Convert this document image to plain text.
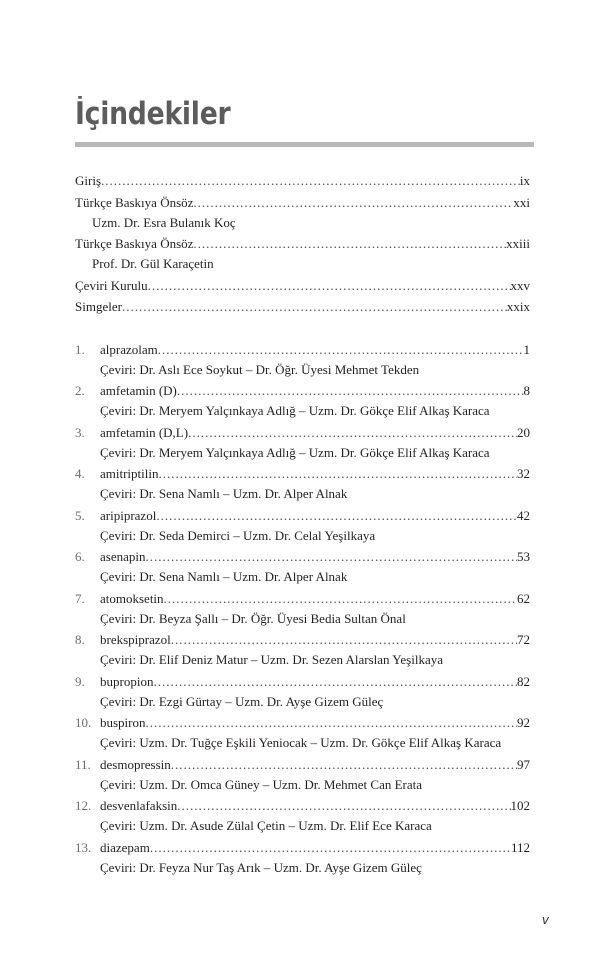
İçindekiler
Giriş .....	ix
Türkçe Baskıya Önsöz .....	xxi
Uzm. Dr. Esra Bulanık Koç
Türkçe Baskıya Önsöz .....	xxiii
Prof. Dr. Gül Karaçetin
Çeviri Kurulu .....	xxv
Simgeler .....	xxix
1. alprazolam .....	1
Çeviri: Dr. Aslı Ece Soykut – Dr. Öğr. Üyesi Mehmet Tekden
2. amfetamin (D) .....	8
Çeviri: Dr. Meryem Yalçınkaya Adlığ – Uzm. Dr. Gökçe Elif Alkaş Karaca
3. amfetamin (D,L) .....	20
Çeviri: Dr. Meryem Yalçınkaya Adlığ – Uzm. Dr. Gökçe Elif Alkaş Karaca
4. amitriptilin .....	32
Çeviri: Dr. Sena Namlı – Uzm. Dr. Alper Alnak
5. aripiprazol .....	42
Çeviri: Dr. Seda Demirci – Uzm. Dr. Celal Yeşilkaya
6. asenapin .....	53
Çeviri: Dr. Sena Namlı – Uzm. Dr. Alper Alnak
7. atomoksetin .....	62
Çeviri: Dr. Beyza Şallı – Dr. Öğr. Üyesi Bedia Sultan Önal
8. brekspiprazol .....	72
Çeviri: Dr. Elif Deniz Matur – Uzm. Dr. Sezen Alarslan Yeşilkaya
9. bupropion .....	82
Çeviri: Dr. Ezgi Gürtay – Uzm. Dr. Ayşe Gizem Güleç
10. buspiron .....	92
Çeviri: Uzm. Dr. Tuğçe Eşkili Yeniocak – Uzm. Dr. Gökçe Elif Alkaş Karaca
11. desmopressin .....	97
Çeviri: Uzm. Dr. Omca Güney – Uzm. Dr. Mehmet Can Erata
12. desvenlafaksin .....	102
Çeviri: Uzm. Dr. Asude Zülal Çetin – Uzm. Dr. Elif Ece Karaca
13. diazepam .....	112
Çeviri: Dr. Feyza Nur Taş Arık – Uzm. Dr. Ayşe Gizem Güleç
v
